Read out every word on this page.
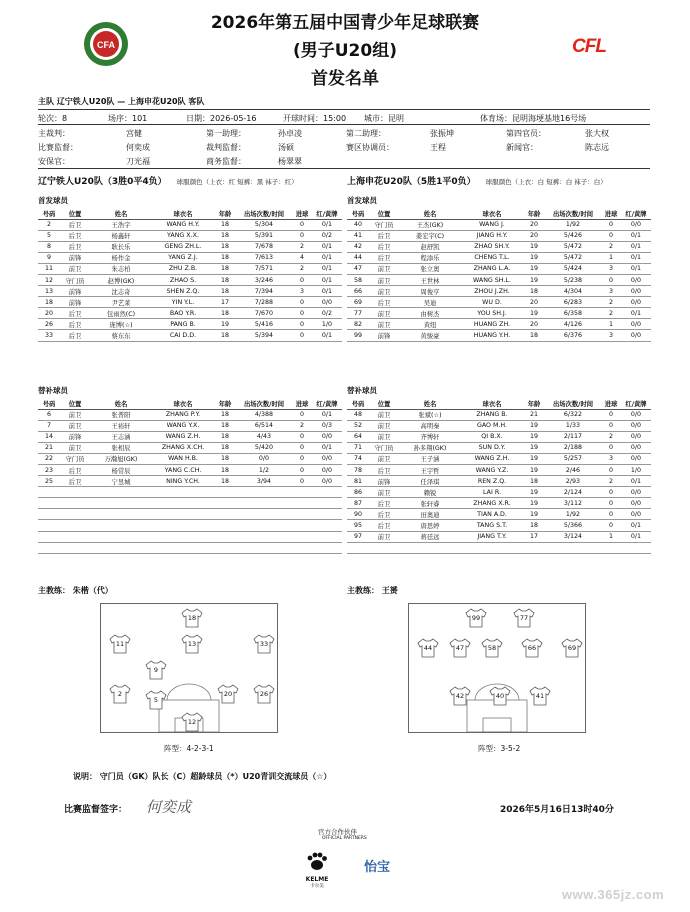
CFA
2026年第五届中国青少年足球联赛
(男子U20组)
首发名单
CFL
主队 辽宁铁人U20队 — 上海申花U20队 客队
轮次：8	场序：101	日期：2026-05-16	开球时间：15:00 城市：昆明	体育场：昆明海埂基地16号场
主裁判：	宫健	第一助理：	孙卓凌	第二助理：	张振坤	第四官员：	张大权
比赛监督：	何奕成	裁判监督：	汤硕	赛区协调员：	王程	新闻官：	陈志远
安保官：	刀光福	商务监督：	杨翠翠
辽宁铁人U20队（3胜0平4负） 球服颜色（上衣：红 短裤：黑 袜子：红）	上海申花U20队（5胜1平0负） 球服颜色（上衣：白 短裤：白 袜子：白）
首发球员	首发球员
号码	位置	姓名	球衣名	年龄	出场次数/时间	进球	红/黄牌
2	后卫	王浩宇	WANG H.Y.	18	5/304	0	0/1
5	后卫	杨鑫轩	YANG X.X.	18	5/391	0	0/2
8	后卫	耿长乐	GENG ZH.L.	18	7/678	2	0/1
9	前锋	杨作金	YANG Z.J.	18	7/613	4	0/1
11	前卫	朱志柏	ZHU Z.B.	18	7/571	2	0/1
12	守门员	赵博(GK)	ZHAO S.	18	3/246	0	0/1
13	前锋	沈志奇	SHEN Z.Q.	18	7/394	3	0/1
18	前锋	尹艺莱	YIN Y.L.	17	7/288	0	0/0
20	后卫	包雨然(C)	BAO Y.R.	18	7/670	0	0/2
26	后卫	庞博(☆)	PANG B.	19	5/416	0	1/0
33	后卫	蔡东东	CAI D.D.	18	5/394	0	0/1
号码	位置	姓名	球衣名	年龄	出场次数/时间	进球	红/黄牌
40	守门员	王杰(GK)	WANG J.	20	1/92	0	0/0
41	后卫	姜宏宇(C)	JIANG H.Y.	20	5/426	0	0/1
42	后卫	赵舒凯	ZHAO SH.Y.	19	5/472	2	0/1
44	后卫	程添乐	CHENG T.L.	19	5/472	1	0/1
47	前卫	张立奥	ZHANG L.A.	19	5/424	3	0/1
58	前卫	王世林	WANG SH.L.	19	5/238	0	0/0
66	前卫	周俊亨	ZHOU J.ZH.	18	4/304	3	0/0
69	后卫	吴迪	WU D.	20	6/283	2	0/0
77	前卫	由树杰	YOU SH.J.	19	6/358	2	0/1
82	前卫	黄纽	HUANG ZH.	20	4/126	1	0/0
99	前锋	黄骏豪	HUANG Y.H.	18	6/376	3	0/0
替补球员	替补球员
号码	位置	姓名	球衣名	年龄	出场次数/时间	进球	红/黄牌
6	前卫	张普阳	ZHANG P.Y.	18	4/388	0	0/1
7	前卫	王裕轩	WANG Y.X.	18	6/514	2	0/3
14	前锋	王志涵	WANG Z.H.	18	4/43	0	0/0
21	前卫	张相辰	ZHANG X.CH.	18	5/420	0	0/1
22	守门员	万瀚旭(GK)	WAN H.B.	18	0/0	0	0/0
23	后卫	杨常辰	YANG C.CH.	18	1/2	0	0/0
25	后卫	宁昱城	NING Y.CH.	18	3/94	0	0/0

号码	位置	姓名	球衣名	年龄	出场次数/时间	进球	红/黄牌
48	前卫	张斌(☆)	ZHANG B.	21	6/322	0	0/0
52	前卫	高明秦	GAO M.H.	19	1/33	0	0/0
64	前卫	齐博轩	QI B.X.	19	2/117	2	0/0
71	守门员	孙多翔(GK)	SUN D.Y.	19	2/188	0	0/0
74	前卫	王子涵	WANG Z.H.	19	5/257	3	0/0
78	后卫	王宇哲	WANG Y.Z.	19	2/46	0	1/0
81	前锋	任泽琪	REN Z.Q.	18	2/93	2	0/1
86	前卫	赖锐	LAI R.	19	2/124	0	0/0
87	后卫	张轩睿	ZHANG X.R.	19	3/112	0	0/0
90	后卫	田奥迪	TIAN A.D.	19	1/92	0	0/0
95	后卫	唐思婷	TANG S.T.	18	5/366	0	0/1
97	前卫	蒋廷远	JIANG T.Y.	17	3/124	1	0/1

主教练： 朱楷（代）	主教练： 王赟
18
11	13	33
9
2	20	26
5
12
99	77
44	47	58	66	69
42	40	41
阵型：4-2-3-1	阵型：3-5-2
说明： 守门员（GK）队长（C）超龄球员（*）U20青训交流球员（☆）
比赛监督签字： 何奕成	2026年5月16日13时40分
官方合作伙伴
OFFICIAL PARTNERS
KELME
卡尔美
怡宝
www.365jz.com
